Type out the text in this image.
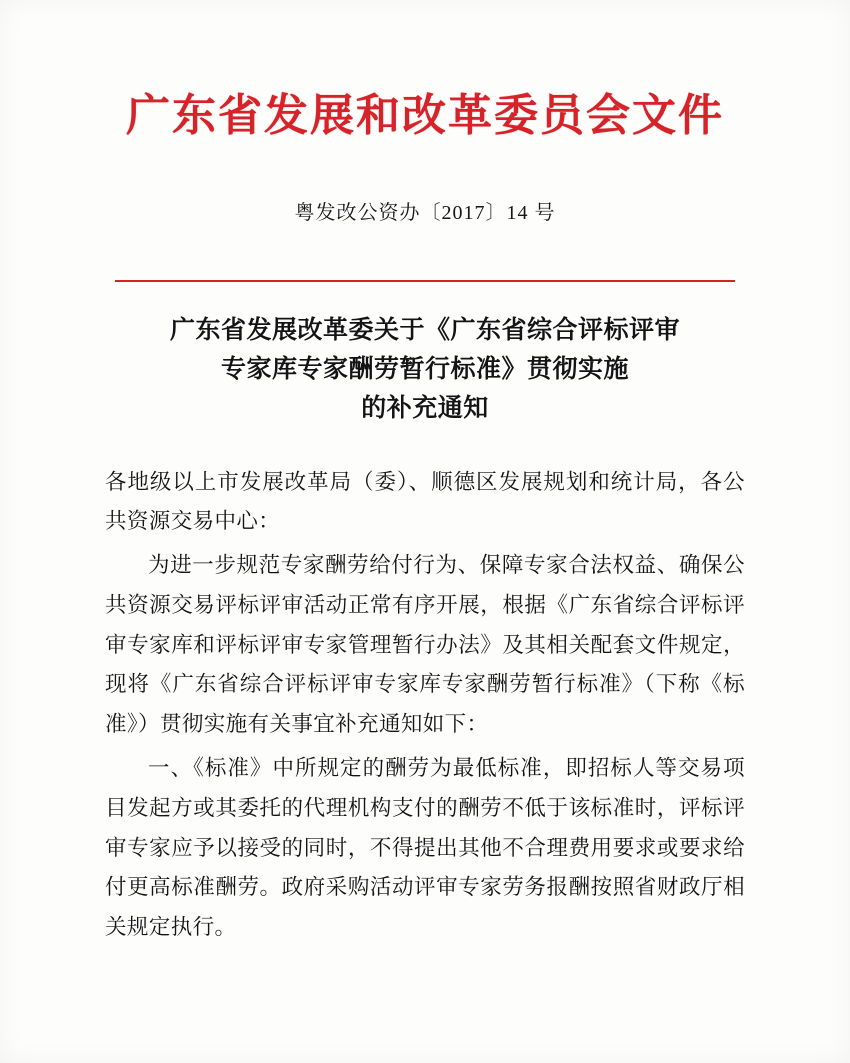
广东省发展和改革委员会文件
粤发改公资办〔2017〕14 号
广东省发展改革委关于《广东省综合评标评审
专家库专家酬劳暂行标准》贯彻实施
的补充通知

各地级以上市发展改革局（委）、顺德区发展规划和统计局，各公共资源交易中心：

为进一步规范专家酬劳给付行为、保障专家合法权益、确保公共资源交易评标评审活动正常有序开展，根据《广东省综合评标评审专家库和评标评审专家管理暂行办法》及其相关配套文件规定，现将《广东省综合评标评审专家库专家酬劳暂行标准》（下称《标准》）贯彻实施有关事宜补充通知如下：

一、《标准》中所规定的酬劳为最低标准，即招标人等交易项目发起方或其委托的代理机构支付的酬劳不低于该标准时，评标评审专家应予以接受的同时，不得提出其他不合理费用要求或要求给付更高标准酬劳。政府采购活动评审专家劳务报酬按照省财政厅相关规定执行。
